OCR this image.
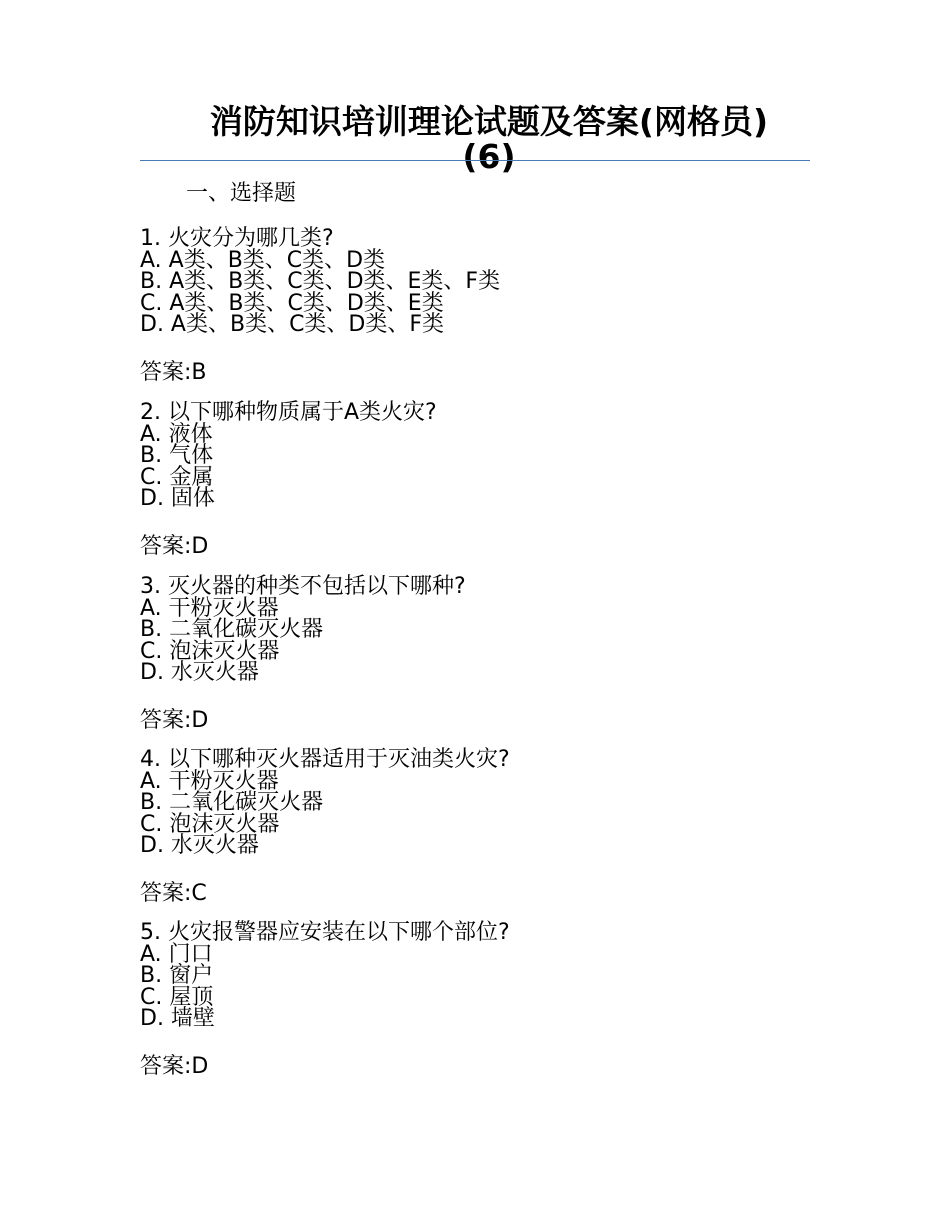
消防知识培训理论试题及答案(网格员)
(6)
一、选择题
1. 火灾分为哪几类?
A. A类、B类、C类、D类
B. A类、B类、C类、D类、E类、F类
C. A类、B类、C类、D类、E类
D. A类、B类、C类、D类、F类
答案:B
2. 以下哪种物质属于A类火灾?
A. 液体
B. 气体
C. 金属
D. 固体
答案:D
3. 灭火器的种类不包括以下哪种?
A. 干粉灭火器
B. 二氧化碳灭火器
C. 泡沫灭火器
D. 水灭火器
答案:D
4. 以下哪种灭火器适用于灭油类火灾?
A. 干粉灭火器
B. 二氧化碳灭火器
C. 泡沫灭火器
D. 水灭火器
答案:C
5. 火灾报警器应安装在以下哪个部位?
A. 门口
B. 窗户
C. 屋顶
D. 墙壁
答案:D
